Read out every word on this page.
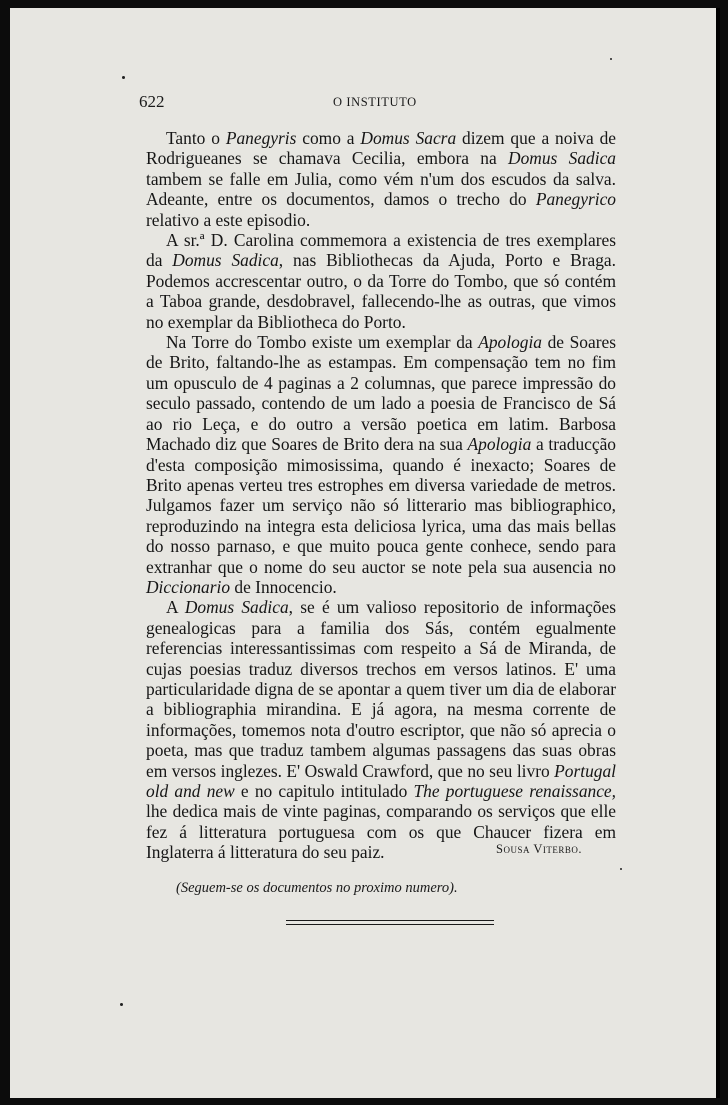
622	O INSTITUTO

Tanto o Panegyris como a Domus Sacra dizem que a noiva de Rodrigueanes se chamava Cecilia, embora na Domus Sadica tambem se falle em Julia, como vém n'um dos escudos da salva. Adeante, entre os documentos, damos o trecho do Panegyrico relativo a este episodio.

A sr.ª D. Carolina commemora a existencia de tres exemplares da Domus Sadica, nas Bibliothecas da Ajuda, Porto e Braga. Podemos accrescentar outro, o da Torre do Tombo, que só contém a Taboa grande, desdobravel, fallecendo-lhe as outras, que vimos no exemplar da Bibliotheca do Porto.

Na Torre do Tombo existe um exemplar da Apologia de Soares de Brito, faltando-lhe as estampas. Em compensação tem no fim um opusculo de 4 paginas a 2 columnas, que parece impressão do seculo passado, contendo de um lado a poesia de Francisco de Sá ao rio Leça, e do outro a versão poetica em latim. Barbosa Machado diz que Soares de Brito dera na sua Apologia a traducção d'esta composição mimosissima, quando é inexacto; Soares de Brito apenas verteu tres estrophes em diversa variedade de metros. Julgamos fazer um serviço não só litterario mas bibliographico, reproduzindo na integra esta deliciosa lyrica, uma das mais bellas do nosso parnaso, e que muito pouca gente conhece, sendo para extranhar que o nome do seu auctor se note pela sua ausencia no Diccionario de Innocencio.

A Domus Sadica, se é um valioso repositorio de informações genealogicas para a familia dos Sás, contém egualmente referencias interessantissimas com respeito a Sá de Miranda, de cujas poesias traduz diversos trechos em versos latinos. E' uma particularidade digna de se apontar a quem tiver um dia de elaborar a bibliographia mirandina. E já agora, na mesma corrente de informações, tomemos nota d'outro escriptor, que não só aprecia o poeta, mas que traduz tambem algumas passagens das suas obras em versos inglezes. E' Oswald Crawford, que no seu livro Portugal old and new e no capitulo intitulado The portuguese renaissance, lhe dedica mais de vinte paginas, comparando os serviços que elle fez á litteratura portuguesa com os que Chaucer fizera em Inglaterra á litteratura do seu paiz.	Sousa Viterbo.
(Seguem-se os documentos no proximo numero).
